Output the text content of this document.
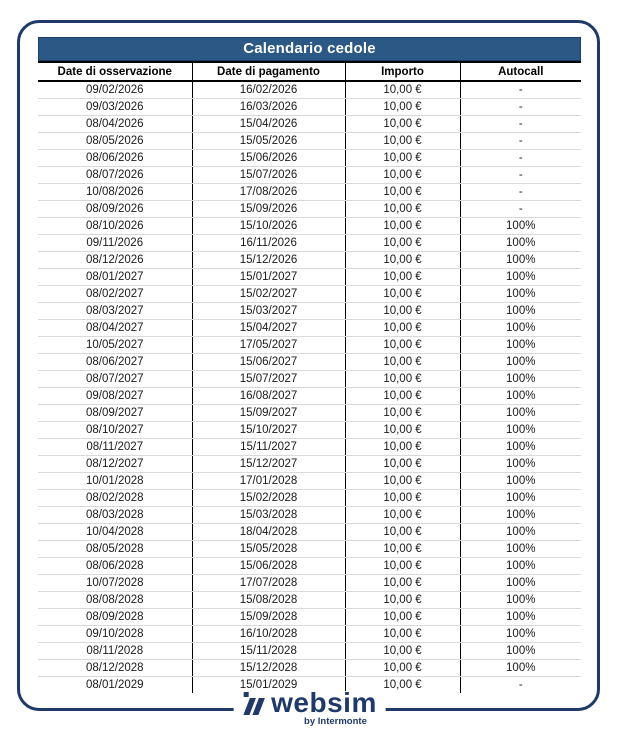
Calendario cedole
Date di osservazione	Date di pagamento	Importo	Autocall
09/02/2026	16/02/2026	10,00 €	-
09/03/2026	16/03/2026	10,00 €	-
08/04/2026	15/04/2026	10,00 €	-
08/05/2026	15/05/2026	10,00 €	-
08/06/2026	15/06/2026	10,00 €	-
08/07/2026	15/07/2026	10,00 €	-
10/08/2026	17/08/2026	10,00 €	-
08/09/2026	15/09/2026	10,00 €	-
08/10/2026	15/10/2026	10,00 €	100%
09/11/2026	16/11/2026	10,00 €	100%
08/12/2026	15/12/2026	10,00 €	100%
08/01/2027	15/01/2027	10,00 €	100%
08/02/2027	15/02/2027	10,00 €	100%
08/03/2027	15/03/2027	10,00 €	100%
08/04/2027	15/04/2027	10,00 €	100%
10/05/2027	17/05/2027	10,00 €	100%
08/06/2027	15/06/2027	10,00 €	100%
08/07/2027	15/07/2027	10,00 €	100%
09/08/2027	16/08/2027	10,00 €	100%
08/09/2027	15/09/2027	10,00 €	100%
08/10/2027	15/10/2027	10,00 €	100%
08/11/2027	15/11/2027	10,00 €	100%
08/12/2027	15/12/2027	10,00 €	100%
10/01/2028	17/01/2028	10,00 €	100%
08/02/2028	15/02/2028	10,00 €	100%
08/03/2028	15/03/2028	10,00 €	100%
10/04/2028	18/04/2028	10,00 €	100%
08/05/2028	15/05/2028	10,00 €	100%
08/06/2028	15/06/2028	10,00 €	100%
10/07/2028	17/07/2028	10,00 €	100%
08/08/2028	15/08/2028	10,00 €	100%
08/09/2028	15/09/2028	10,00 €	100%
09/10/2028	16/10/2028	10,00 €	100%
08/11/2028	15/11/2028	10,00 €	100%
08/12/2028	15/12/2028	10,00 €	100%
08/01/2029	15/01/2029	10,00 €	-
websim
by Intermonte
